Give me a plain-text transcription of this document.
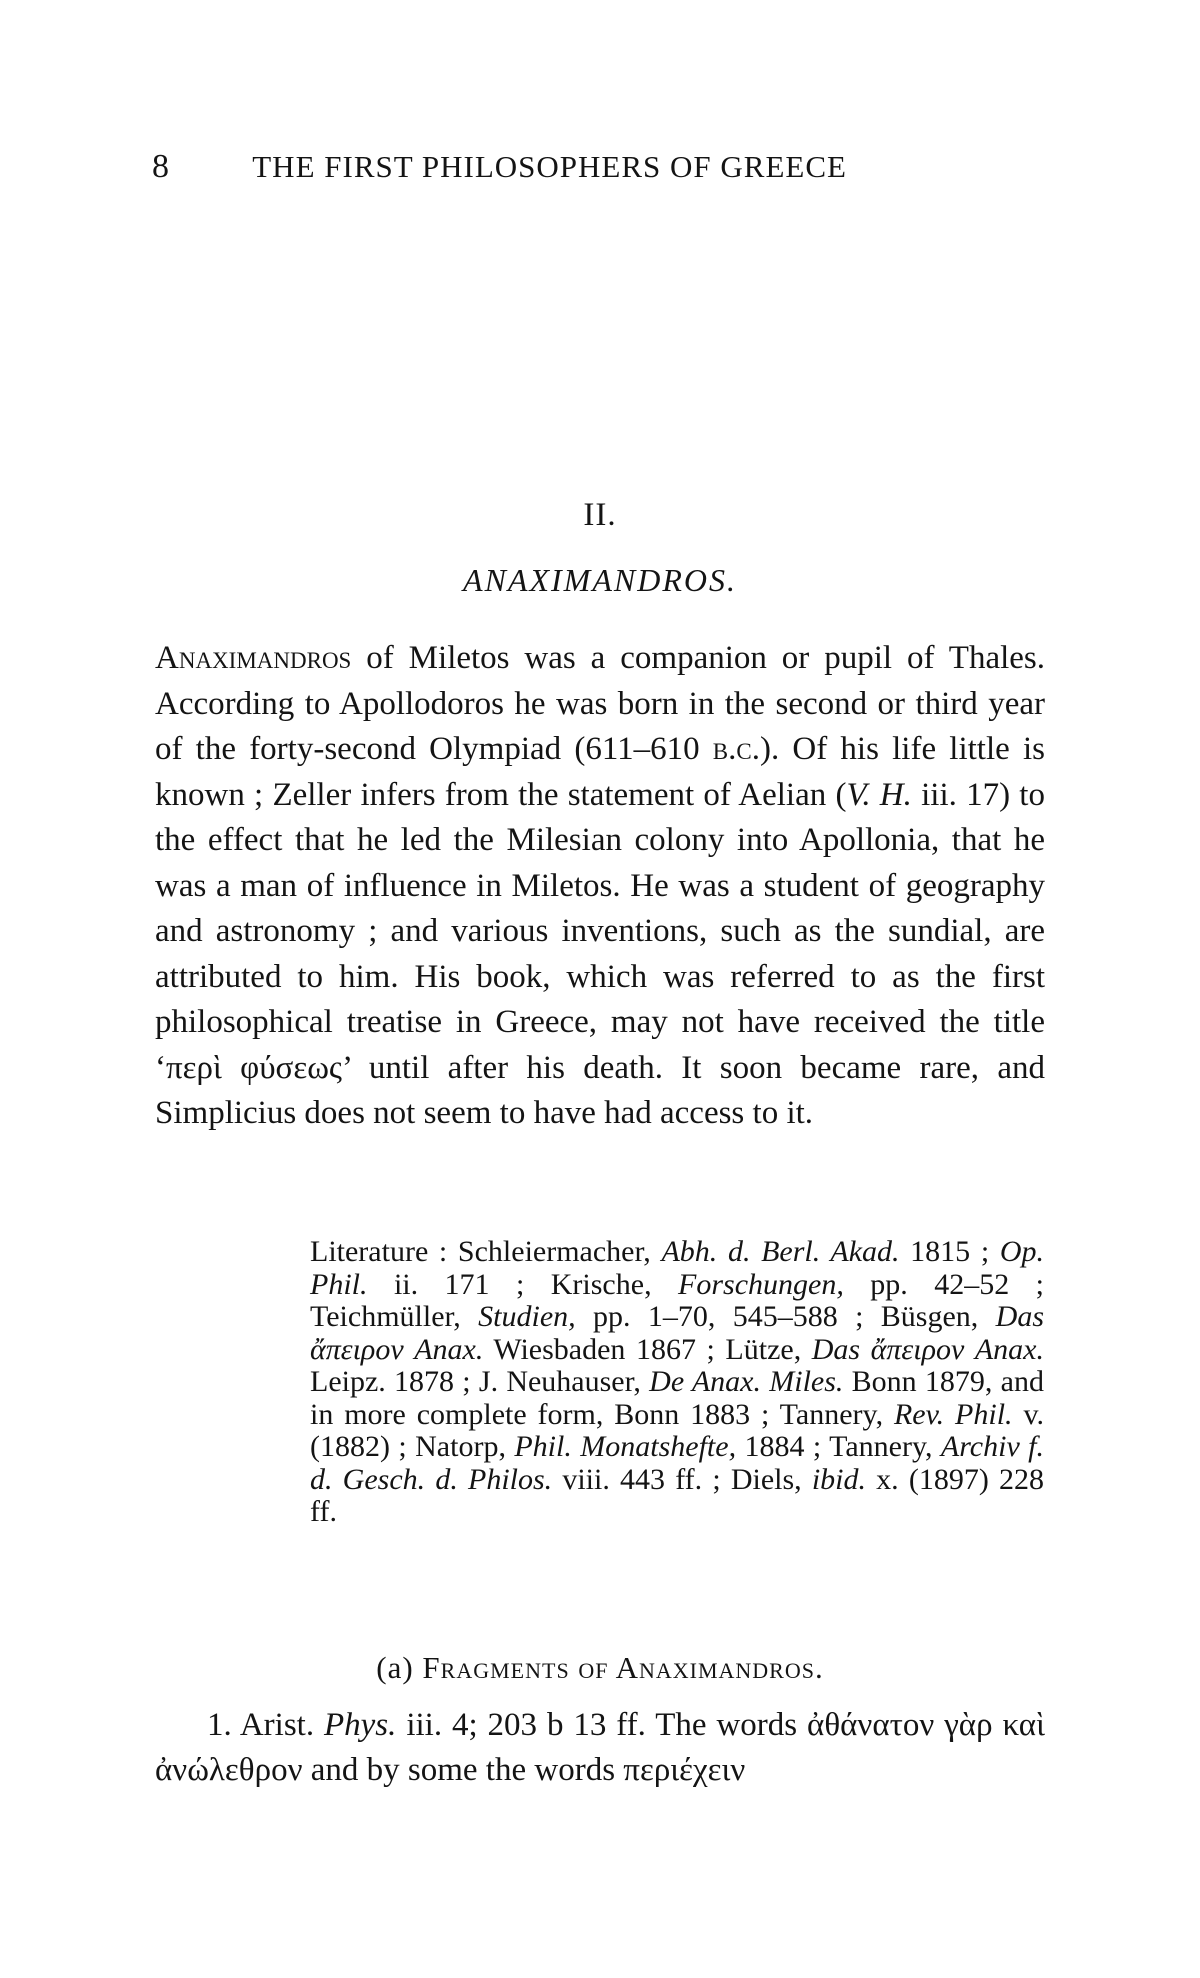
8	THE FIRST PHILOSOPHERS OF GREECE
II.
ANAXIMANDROS.

Anaximandros of Miletos was a companion or pupil of Thales. According to Apollodoros he was born in the second or third year of the forty-second Olympiad (611–610 b.c.). Of his life little is known ; Zeller infers from the statement of Aelian (V. H. iii. 17) to the effect that he led the Milesian colony into Apollonia, that he was a man of influence in Miletos. He was a student of geography and astronomy ; and various inventions, such as the sundial, are attributed to him. His book, which was referred to as the first philosophical treatise in Greece, may not have received the title ‘περὶ φύσεως’ until after his death. It soon became rare, and Simplicius does not seem to have had access to it.

Literature : Schleiermacher, Abh. d. Berl. Akad. 1815 ; Op. Phil. ii. 171 ; Krische, Forschungen, pp. 42–52 ; Teichmüller, Studien, pp. 1–70, 545–588 ; Büsgen, Das ἄπειρον Anax. Wiesbaden 1867 ; Lütze, Das ἄπειρον Anax. Leipz. 1878 ; J. Neuhauser, De Anax. Miles. Bonn 1879, and in more complete form, Bonn 1883 ; Tannery, Rev. Phil. v. (1882) ; Natorp, Phil. Monatshefte, 1884 ; Tannery, Archiv f. d. Gesch. d. Philos. viii. 443 ff. ; Diels, ibid. x. (1897) 228 ff.

(a) Fragments of Anaximandros.

1. Arist. Phys. iii. 4; 203 b 13 ff. The words ἀθάνατον γὰρ καὶ ἀνώλεθρον and by some the words περιέχειν
